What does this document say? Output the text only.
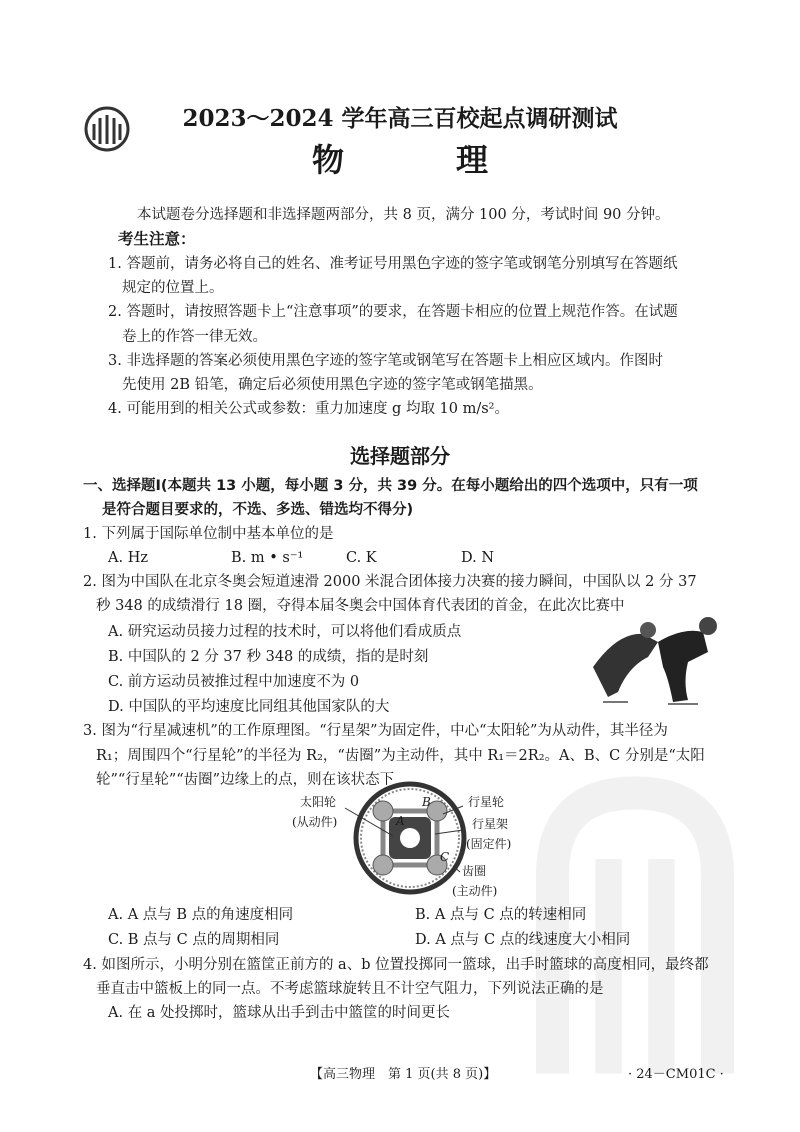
2023～2024 学年高三百校起点调研测试
物　理
本试题卷分选择题和非选择题两部分，共 8 页，满分 100 分，考试时间 90 分钟。
考生注意：
1. 答题前，请务必将自己的姓名、准考证号用黑色字迹的签字笔或钢笔分别填写在答题纸
规定的位置上。
2. 答题时，请按照答题卡上“注意事项”的要求，在答题卡相应的位置上规范作答。在试题
卷上的作答一律无效。
3. 非选择题的答案必须使用黑色字迹的签字笔或钢笔写在答题卡上相应区域内。作图时
先使用 2B 铅笔，确定后必须使用黑色字迹的签字笔或钢笔描黑。
4. 可能用到的相关公式或参数：重力加速度 g 均取 10 m/s²。
选择题部分
一、选择题Ⅰ(本题共 13 小题，每小题 3 分，共 39 分。在每小题给出的四个选项中，只有一项
是符合题目要求的，不选、多选、错选均不得分)
1. 下列属于国际单位制中基本单位的是
A. Hz	B. m • s⁻¹	C. K	D. N
2. 图为中国队在北京冬奥会短道速滑 2000 米混合团体接力决赛的接力瞬间，中国队以 2 分 37
秒 348 的成绩滑行 18 圈，夺得本届冬奥会中国体育代表团的首金，在此次比赛中
A. 研究运动员接力过程的技术时，可以将他们看成质点
B. 中国队的 2 分 37 秒 348 的成绩，指的是时刻
C. 前方运动员被推过程中加速度不为 0
D. 中国队的平均速度比同组其他国家队的大
3. 图为“行星减速机”的工作原理图。“行星架”为固定件，中心“太阳轮”为从动件，其半径为
R₁；周围四个“行星轮”的半径为 R₂，“齿圈”为主动件，其中 R₁＝2R₂。A、B、C 分别是“太阳
轮”“行星轮”“齿圈”边缘上的点，则在该状态下
太阳轮
(从动件)
行星轮
行星架
(固定件)
齿圈
(主动件)
A
B
C
A. A 点与 B 点的角速度相同	B. A 点与 C 点的转速相同
C. B 点与 C 点的周期相同	D. A 点与 C 点的线速度大小相同
4. 如图所示，小明分别在篮筐正前方的 a、b 位置投掷同一篮球，出手时篮球的高度相同，最终都
垂直击中篮板上的同一点。不考虑篮球旋转且不计空气阻力，下列说法正确的是
A. 在 a 处投掷时，篮球从出手到击中篮筐的时间更长
【高三物理　第 1 页(共 8 页)】	· 24－CM01C ·
